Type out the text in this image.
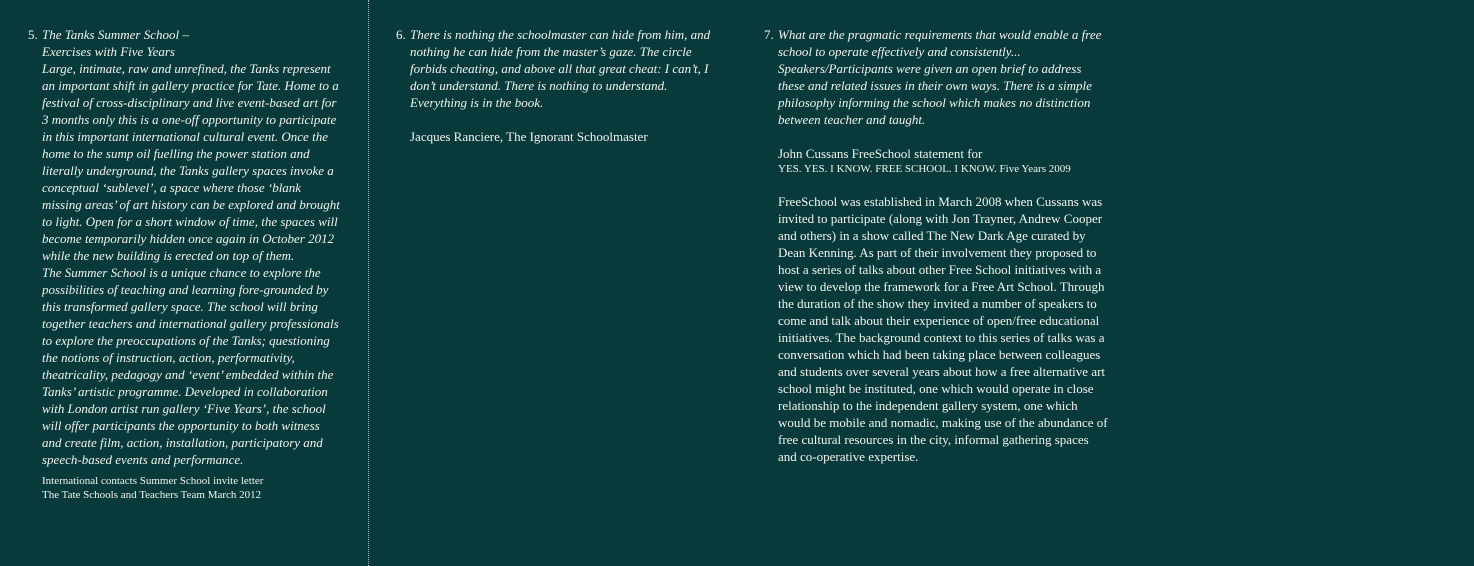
5. The Tanks Summer School –

Exercises with Five Years

Large, intimate, raw and unrefined, the Tanks represent an important shift in gallery practice for Tate. Home to a festival of cross-disciplinary and live event-based art for 3 months only this is a one-off opportunity to participate in this important international cultural event. Once the home to the sump oil fuelling the power station and literally underground, the Tanks gallery spaces invoke a conceptual ‘sublevel’, a space where those ‘blank missing areas’ of art history can be explored and brought to light. Open for a short window of time, the spaces will become temporarily hidden once again in October 2012 while the new building is erected on top of them.

The Summer School is a unique chance to explore the possibilities of teaching and learning fore-grounded by this transformed gallery space. The school will bring together teachers and international gallery professionals to explore the preoccupations of the Tanks; questioning the notions of instruction, action, performativity, theatricality, pedagogy and ‘event’ embedded within the Tanks’ artistic programme. Developed in collaboration with London artist run gallery ‘Five Years’, the school will offer participants the opportunity to both witness and create film, action, installation, participatory and speech-based events and performance.

International contacts Summer School invite letter

The Tate Schools and Teachers Team March 2012

6. There is nothing the schoolmaster can hide from him, and nothing he can hide from the master’s gaze. The circle forbids cheating, and above all that great cheat: I can’t, I don’t understand. There is nothing to understand.

Everything is in the book.

Jacques Ranciere, The Ignorant Schoolmaster

7. What are the pragmatic requirements that would enable a free school to operate effectively and consistently... Speakers/Participants were given an open brief to address these and related issues in their own ways. There is a simple philosophy informing the school which makes no distinction between teacher and taught.

John Cussans FreeSchool statement for

YES. YES. I KNOW. FREE SCHOOL. I KNOW. Five Years 2009

FreeSchool was established in March 2008 when Cussans was invited to participate (along with Jon Trayner, Andrew Cooper and others) in a show called The New Dark Age curated by Dean Kenning. As part of their involvement they proposed to host a series of talks about other Free School initiatives with a view to develop the framework for a Free Art School. Through the duration of the show they invited a number of speakers to come and talk about their experience of open/free educational initiatives. The background context to this series of talks was a conversation which had been taking place between colleagues and students over several years about how a free alternative art school might be instituted, one which would operate in close relationship to the independent gallery system, one which would be mobile and nomadic, making use of the abundance of free cultural resources in the city, informal gathering spaces and co-operative expertise.
